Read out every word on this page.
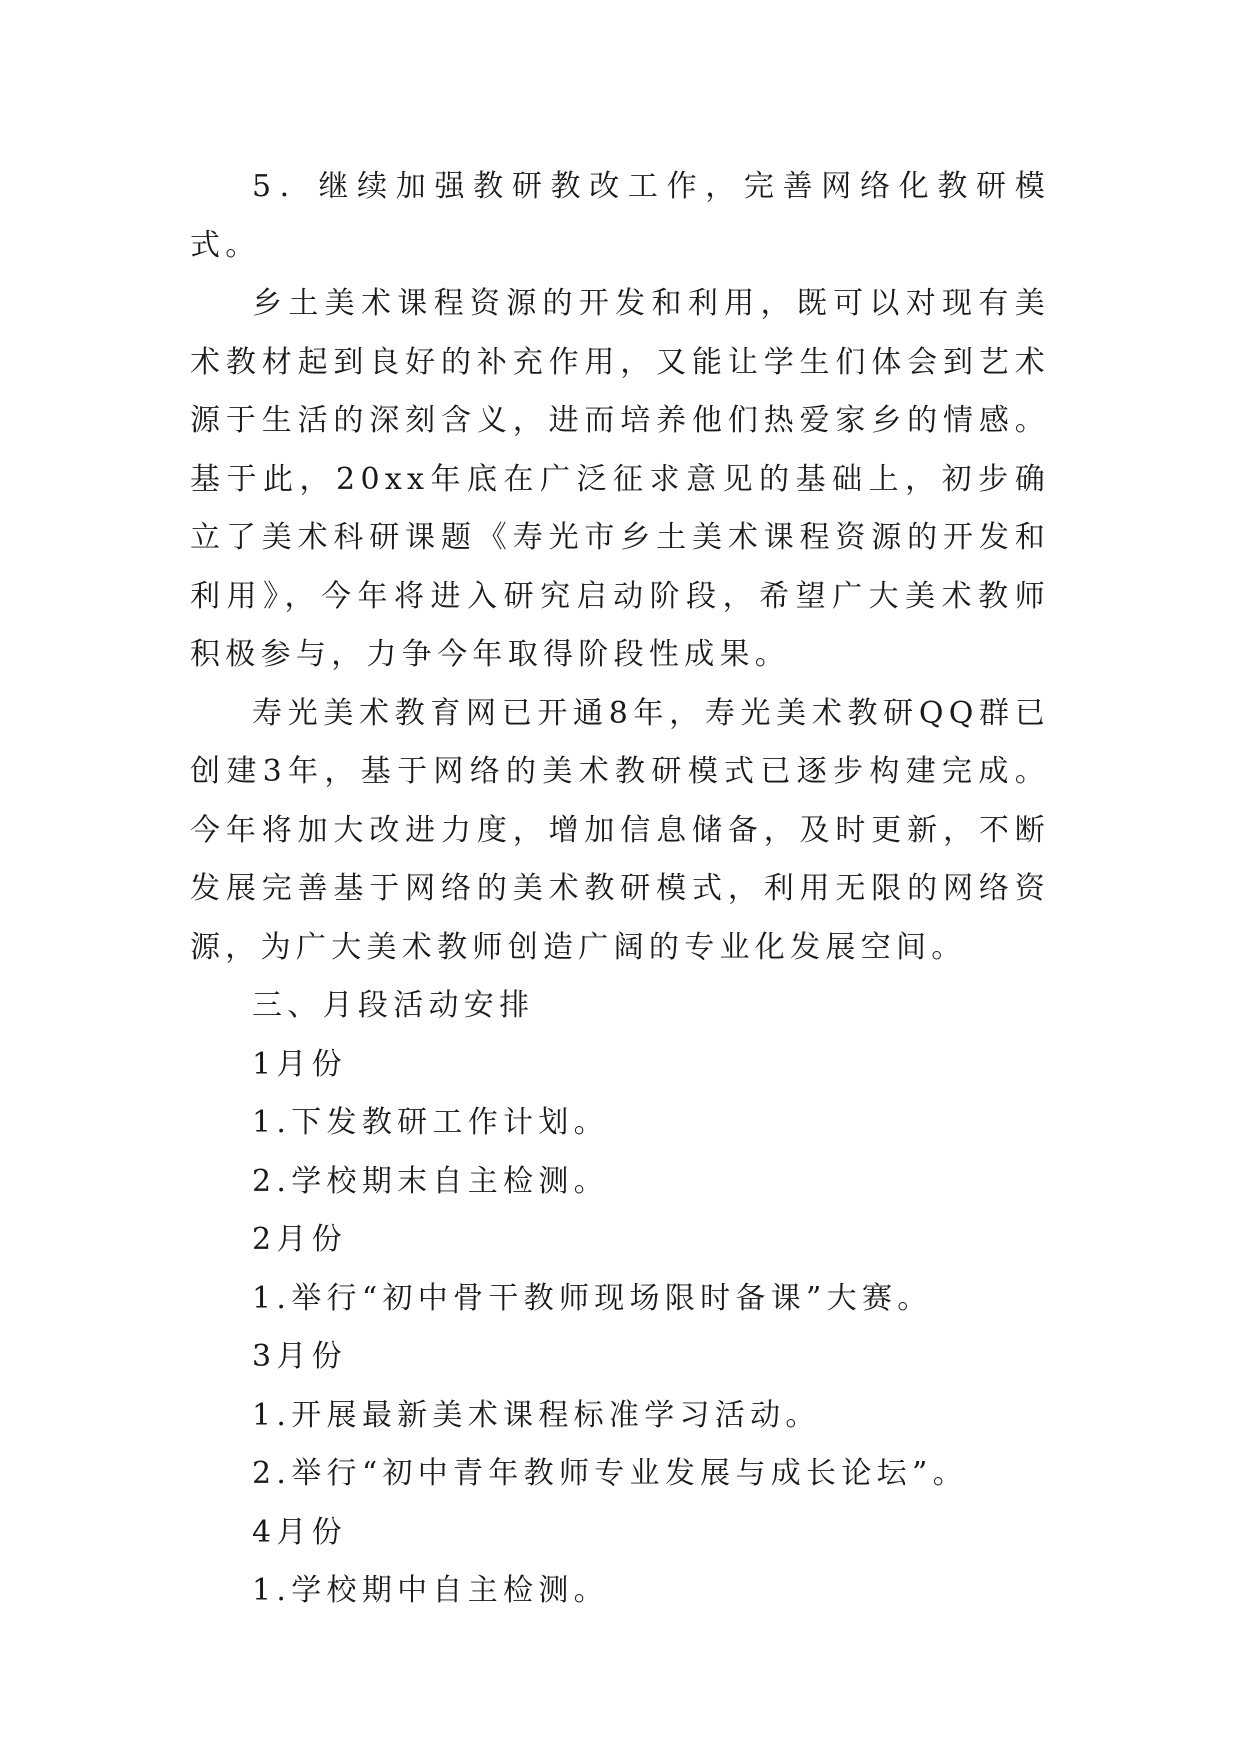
5．继续加强教研教改工作，完善网络化教研模式。

乡土美术课程资源的开发和利用，既可以对现有美术教材起到良好的补充作用，又能让学生们体会到艺术源于生活的深刻含义，进而培养他们热爱家乡的情感。基于此，20xx年底在广泛征求意见的基础上，初步确立了美术科研课题《寿光市乡土美术课程资源的开发和利用》，今年将进入研究启动阶段，希望广大美术教师积极参与，力争今年取得阶段性成果。

寿光美术教育网已开通8年，寿光美术教研QQ群已创建3年，基于网络的美术教研模式已逐步构建完成。今年将加大改进力度，增加信息储备，及时更新，不断发展完善基于网络的美术教研模式，利用无限的网络资源，为广大美术教师创造广阔的专业化发展空间。

三、月段活动安排

1月份

1.下发教研工作计划。

2.学校期末自主检测。

2月份

1.举行“初中骨干教师现场限时备课”大赛。

3月份

1.开展最新美术课程标准学习活动。

2.举行“初中青年教师专业发展与成长论坛”。

4月份

1.学校期中自主检测。
